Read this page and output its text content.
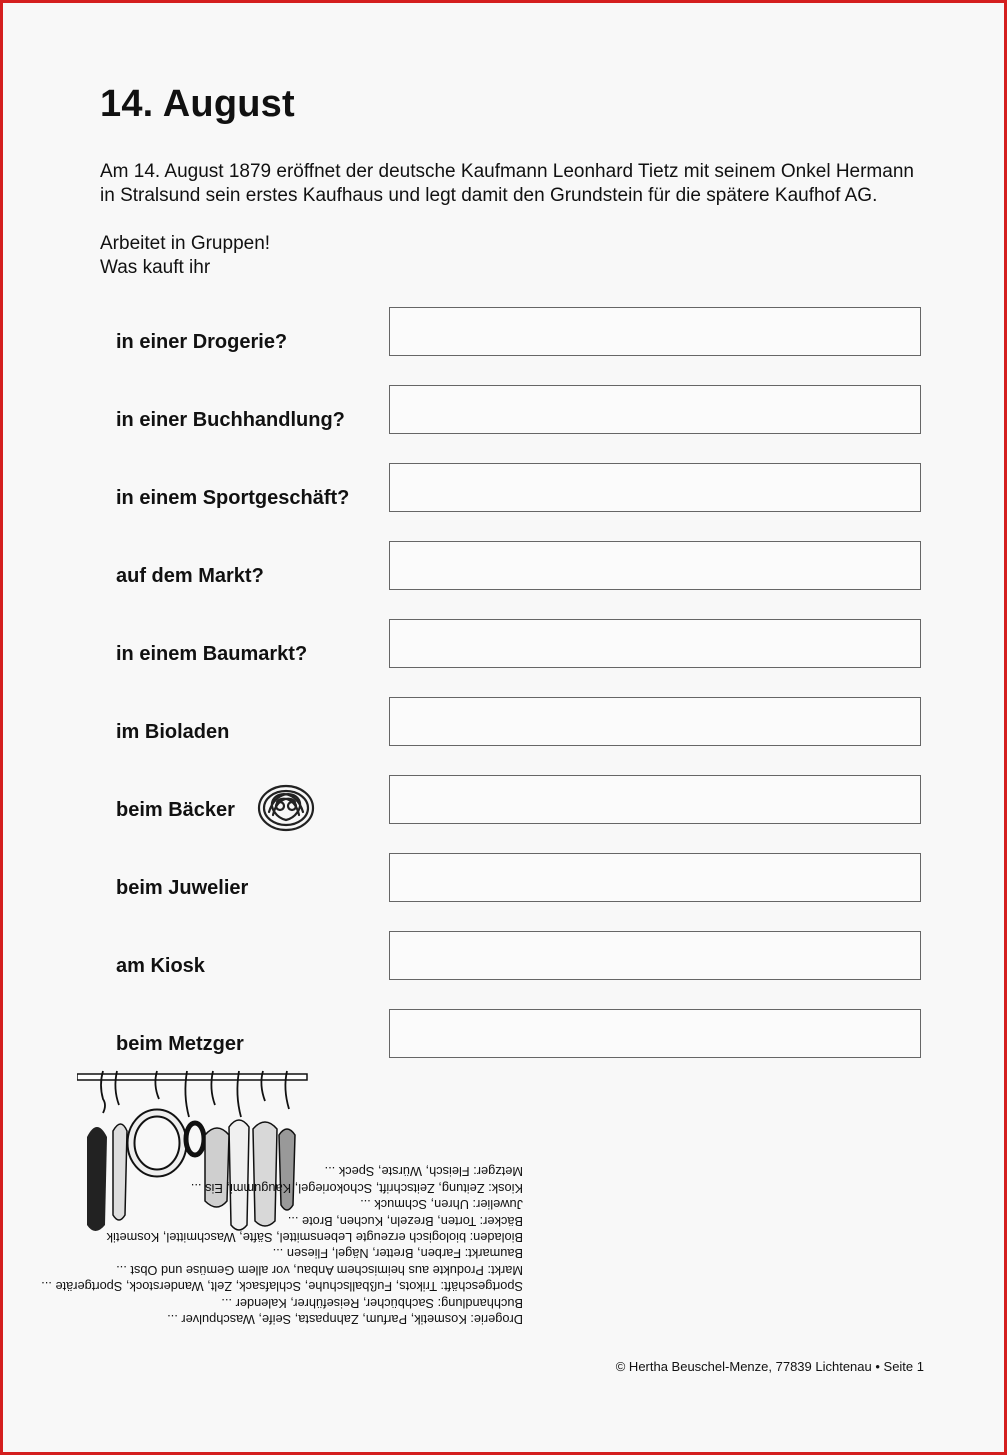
14. August

Am 14. August 1879 eröffnet der deutsche Kaufmann Leonhard Tietz mit seinem Onkel Hermann

in Stralsund sein erstes Kaufhaus und legt damit den Grundstein für die spätere Kaufhof AG.

Arbeitet in Gruppen!
Was kauft ihr
in einer Drogerie?
in einer Buchhandlung?
in einem Sportgeschäft?
auf dem Markt?
in einem Baumarkt?
im Bioladen
beim Bäcker
beim Juwelier
am Kiosk
beim Metzger
Drogerie: Kosmetik, Parfum, Zahnpasta, Seife, Waschpulver ...
Buchhandlung: Sachbücher, Reiseführer, Kalender ...
Sportgeschäft: Trikots, Fußballschuhe, Schlafsack, Zelt, Wanderstock, Sportgeräte ...
Markt: Produkte aus heimischem Anbau, vor allem Gemüse und Obst ...
Baumarkt: Farben, Bretter, Nägel, Fliesen ...
Bioladen: biologisch erzeugte Lebensmittel, Säfte, Waschmittel, Kosmetik
Bäcker: Torten, Brezeln, Kuchen, Brote ...
Juwelier: Uhren, Schmuck ...
Kiosk: Zeitung, Zeitschrift, Schokoriegel, Kaugummi, Eis ...
Metzger: Fleisch, Würste, Speck ...
© Hertha Beuschel-Menze, 77839 Lichtenau • Seite 1
